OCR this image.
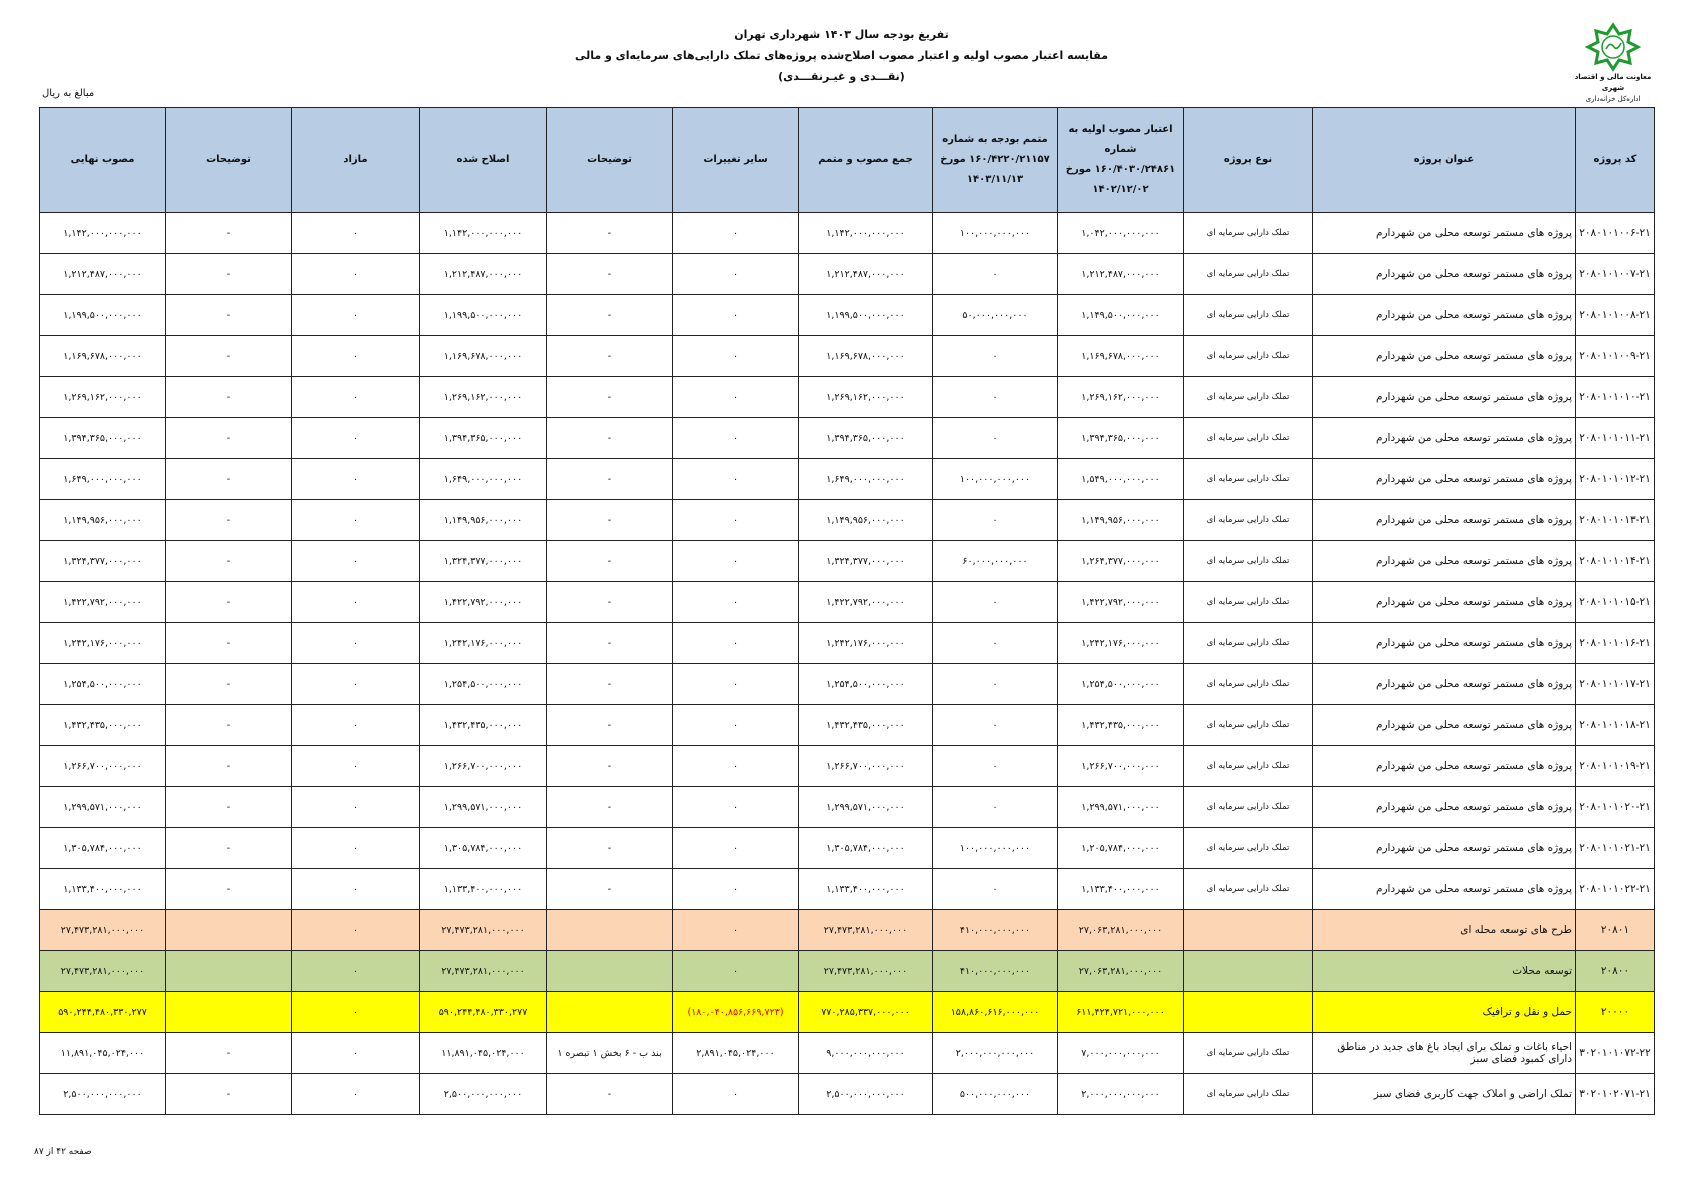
تفریغ بودجه سال ۱۴۰۳ شهرداری تهران
مقایسه اعتبار مصوب اولیه و اعتبار مصوب اصلاح‌شده پروژه‌های تملک دارایی‌های سرمایه‌ای و مالی
(نقـــدی و غیـرنقـــدی)	معاونت مالی و اقتصاد شهری
اداره‌کل خزانه‌داری
مبالغ به ریال
کد پروژه	عنوان پروژه	نوع پروژه	اعتبار مصوب اولیه به شماره
۱۶۰/۴۰۳۰/۲۴۸۶۱ مورخ
۱۴۰۲/۱۲/۰۲	متمم بودجه به شماره
۱۶۰/۴۲۲۰/۲۱۱۵۷ مورخ
۱۴۰۳/۱۱/۱۳	جمع مصوب و متمم	سایر تغییرات	توضیحات	اصلاح شده	مازاد	توضیحات	مصوب نهایی
۲۰۸۰۱۰۱۰۰۶-۲۱	پروژه های مستمر توسعه محلی من شهردارم	تملک دارایی سرمایه ای	۱,۰۴۲,۰۰۰,۰۰۰,۰۰۰	۱۰۰,۰۰۰,۰۰۰,۰۰۰	۱,۱۴۲,۰۰۰,۰۰۰,۰۰۰	۰	-	۱,۱۴۲,۰۰۰,۰۰۰,۰۰۰	۰	-	۱,۱۴۲,۰۰۰,۰۰۰,۰۰۰
۲۰۸۰۱۰۱۰۰۷-۲۱	پروژه های مستمر توسعه محلی من شهردارم	تملک دارایی سرمایه ای	۱,۲۱۲,۴۸۷,۰۰۰,۰۰۰	۰	۱,۲۱۲,۴۸۷,۰۰۰,۰۰۰	۰	-	۱,۲۱۲,۴۸۷,۰۰۰,۰۰۰	۰	-	۱,۲۱۲,۴۸۷,۰۰۰,۰۰۰
۲۰۸۰۱۰۱۰۰۸-۲۱	پروژه های مستمر توسعه محلی من شهردارم	تملک دارایی سرمایه ای	۱,۱۴۹,۵۰۰,۰۰۰,۰۰۰	۵۰,۰۰۰,۰۰۰,۰۰۰	۱,۱۹۹,۵۰۰,۰۰۰,۰۰۰	۰	-	۱,۱۹۹,۵۰۰,۰۰۰,۰۰۰	۰	-	۱,۱۹۹,۵۰۰,۰۰۰,۰۰۰
۲۰۸۰۱۰۱۰۰۹-۲۱	پروژه های مستمر توسعه محلی من شهردارم	تملک دارایی سرمایه ای	۱,۱۶۹,۶۷۸,۰۰۰,۰۰۰	۰	۱,۱۶۹,۶۷۸,۰۰۰,۰۰۰	۰	-	۱,۱۶۹,۶۷۸,۰۰۰,۰۰۰	۰	-	۱,۱۶۹,۶۷۸,۰۰۰,۰۰۰
۲۰۸۰۱۰۱۰۱۰-۲۱	پروژه های مستمر توسعه محلی من شهردارم	تملک دارایی سرمایه ای	۱,۲۶۹,۱۶۲,۰۰۰,۰۰۰	۰	۱,۲۶۹,۱۶۲,۰۰۰,۰۰۰	۰	-	۱,۲۶۹,۱۶۲,۰۰۰,۰۰۰	۰	-	۱,۲۶۹,۱۶۲,۰۰۰,۰۰۰
۲۰۸۰۱۰۱۰۱۱-۲۱	پروژه های مستمر توسعه محلی من شهردارم	تملک دارایی سرمایه ای	۱,۳۹۴,۳۶۵,۰۰۰,۰۰۰	۰	۱,۳۹۴,۳۶۵,۰۰۰,۰۰۰	۰	-	۱,۳۹۴,۳۶۵,۰۰۰,۰۰۰	۰	-	۱,۳۹۴,۳۶۵,۰۰۰,۰۰۰
۲۰۸۰۱۰۱۰۱۲-۲۱	پروژه های مستمر توسعه محلی من شهردارم	تملک دارایی سرمایه ای	۱,۵۴۹,۰۰۰,۰۰۰,۰۰۰	۱۰۰,۰۰۰,۰۰۰,۰۰۰	۱,۶۴۹,۰۰۰,۰۰۰,۰۰۰	۰	-	۱,۶۴۹,۰۰۰,۰۰۰,۰۰۰	۰	-	۱,۶۴۹,۰۰۰,۰۰۰,۰۰۰
۲۰۸۰۱۰۱۰۱۳-۲۱	پروژه های مستمر توسعه محلی من شهردارم	تملک دارایی سرمایه ای	۱,۱۴۹,۹۵۶,۰۰۰,۰۰۰	۰	۱,۱۴۹,۹۵۶,۰۰۰,۰۰۰	۰	-	۱,۱۴۹,۹۵۶,۰۰۰,۰۰۰	۰	-	۱,۱۴۹,۹۵۶,۰۰۰,۰۰۰
۲۰۸۰۱۰۱۰۱۴-۲۱	پروژه های مستمر توسعه محلی من شهردارم	تملک دارایی سرمایه ای	۱,۲۶۴,۳۷۷,۰۰۰,۰۰۰	۶۰,۰۰۰,۰۰۰,۰۰۰	۱,۳۲۴,۳۷۷,۰۰۰,۰۰۰	۰	-	۱,۳۲۴,۳۷۷,۰۰۰,۰۰۰	۰	-	۱,۳۲۴,۳۷۷,۰۰۰,۰۰۰
۲۰۸۰۱۰۱۰۱۵-۲۱	پروژه های مستمر توسعه محلی من شهردارم	تملک دارایی سرمایه ای	۱,۴۲۲,۷۹۲,۰۰۰,۰۰۰	۰	۱,۴۲۲,۷۹۲,۰۰۰,۰۰۰	۰	-	۱,۴۲۲,۷۹۲,۰۰۰,۰۰۰	۰	-	۱,۴۲۲,۷۹۲,۰۰۰,۰۰۰
۲۰۸۰۱۰۱۰۱۶-۲۱	پروژه های مستمر توسعه محلی من شهردارم	تملک دارایی سرمایه ای	۱,۲۴۲,۱۷۶,۰۰۰,۰۰۰	۰	۱,۲۴۲,۱۷۶,۰۰۰,۰۰۰	۰	-	۱,۲۴۲,۱۷۶,۰۰۰,۰۰۰	۰	-	۱,۲۴۲,۱۷۶,۰۰۰,۰۰۰
۲۰۸۰۱۰۱۰۱۷-۲۱	پروژه های مستمر توسعه محلی من شهردارم	تملک دارایی سرمایه ای	۱,۲۵۴,۵۰۰,۰۰۰,۰۰۰	۰	۱,۲۵۴,۵۰۰,۰۰۰,۰۰۰	۰	-	۱,۲۵۴,۵۰۰,۰۰۰,۰۰۰	۰	-	۱,۲۵۴,۵۰۰,۰۰۰,۰۰۰
۲۰۸۰۱۰۱۰۱۸-۲۱	پروژه های مستمر توسعه محلی من شهردارم	تملک دارایی سرمایه ای	۱,۴۳۲,۴۳۵,۰۰۰,۰۰۰	۰	۱,۴۳۲,۴۳۵,۰۰۰,۰۰۰	۰	-	۱,۴۳۲,۴۳۵,۰۰۰,۰۰۰	۰	-	۱,۴۳۲,۴۳۵,۰۰۰,۰۰۰
۲۰۸۰۱۰۱۰۱۹-۲۱	پروژه های مستمر توسعه محلی من شهردارم	تملک دارایی سرمایه ای	۱,۲۶۶,۷۰۰,۰۰۰,۰۰۰	۰	۱,۲۶۶,۷۰۰,۰۰۰,۰۰۰	۰	-	۱,۲۶۶,۷۰۰,۰۰۰,۰۰۰	۰	-	۱,۲۶۶,۷۰۰,۰۰۰,۰۰۰
۲۰۸۰۱۰۱۰۲۰-۲۱	پروژه های مستمر توسعه محلی من شهردارم	تملک دارایی سرمایه ای	۱,۲۹۹,۵۷۱,۰۰۰,۰۰۰	۰	۱,۲۹۹,۵۷۱,۰۰۰,۰۰۰	۰	-	۱,۲۹۹,۵۷۱,۰۰۰,۰۰۰	۰	-	۱,۲۹۹,۵۷۱,۰۰۰,۰۰۰
۲۰۸۰۱۰۱۰۲۱-۲۱	پروژه های مستمر توسعه محلی من شهردارم	تملک دارایی سرمایه ای	۱,۲۰۵,۷۸۴,۰۰۰,۰۰۰	۱۰۰,۰۰۰,۰۰۰,۰۰۰	۱,۳۰۵,۷۸۴,۰۰۰,۰۰۰	۰	-	۱,۳۰۵,۷۸۴,۰۰۰,۰۰۰	۰	-	۱,۳۰۵,۷۸۴,۰۰۰,۰۰۰
۲۰۸۰۱۰۱۰۲۲-۲۱	پروژه های مستمر توسعه محلی من شهردارم	تملک دارایی سرمایه ای	۱,۱۳۳,۴۰۰,۰۰۰,۰۰۰	۰	۱,۱۳۳,۴۰۰,۰۰۰,۰۰۰	۰	-	۱,۱۳۳,۴۰۰,۰۰۰,۰۰۰	۰	-	۱,۱۳۳,۴۰۰,۰۰۰,۰۰۰
۲۰۸۰۱	طرح های توسعه محله ای		۲۷,۰۶۳,۲۸۱,۰۰۰,۰۰۰	۴۱۰,۰۰۰,۰۰۰,۰۰۰	۲۷,۴۷۳,۲۸۱,۰۰۰,۰۰۰	۰		۲۷,۴۷۳,۲۸۱,۰۰۰,۰۰۰	۰		۲۷,۴۷۳,۲۸۱,۰۰۰,۰۰۰
۲۰۸۰۰	توسعه محلات		۲۷,۰۶۳,۲۸۱,۰۰۰,۰۰۰	۴۱۰,۰۰۰,۰۰۰,۰۰۰	۲۷,۴۷۳,۲۸۱,۰۰۰,۰۰۰	۰		۲۷,۴۷۳,۲۸۱,۰۰۰,۰۰۰	۰		۲۷,۴۷۳,۲۸۱,۰۰۰,۰۰۰
۲۰۰۰۰	حمل و نقل و ترافیک		۶۱۱,۴۲۴,۷۲۱,۰۰۰,۰۰۰	۱۵۸,۸۶۰,۶۱۶,۰۰۰,۰۰۰	۷۷۰,۲۸۵,۳۳۷,۰۰۰,۰۰۰	(۱۸۰,۰۴۰,۸۵۶,۶۶۹,۷۲۳)		۵۹۰,۲۴۴,۴۸۰,۳۳۰,۲۷۷	۰		۵۹۰,۲۴۴,۴۸۰,۳۳۰,۲۷۷
۳۰۲۰۱۰۱۰۷۲-۲۲	احیاء باغات و تملک برای ایجاد باغ های جدید در مناطق دارای کمبود فضای سبز	تملک دارایی سرمایه ای	۷,۰۰۰,۰۰۰,۰۰۰,۰۰۰	۲,۰۰۰,۰۰۰,۰۰۰,۰۰۰	۹,۰۰۰,۰۰۰,۰۰۰,۰۰۰	۲,۸۹۱,۰۴۵,۰۲۴,۰۰۰	بند ب - ۶ بخش ۱ تبصره ۱	۱۱,۸۹۱,۰۴۵,۰۲۴,۰۰۰	۰	-	۱۱,۸۹۱,۰۴۵,۰۲۴,۰۰۰
۳۰۲۰۱۰۲۰۷۱-۲۱	تملک اراضی و املاک جهت کاربری فضای سبز	تملک دارایی سرمایه ای	۲,۰۰۰,۰۰۰,۰۰۰,۰۰۰	۵۰۰,۰۰۰,۰۰۰,۰۰۰	۲,۵۰۰,۰۰۰,۰۰۰,۰۰۰	۰	-	۲,۵۰۰,۰۰۰,۰۰۰,۰۰۰	۰	-	۲,۵۰۰,۰۰۰,۰۰۰,۰۰۰
صفحه ۴۲ از ۸۷
